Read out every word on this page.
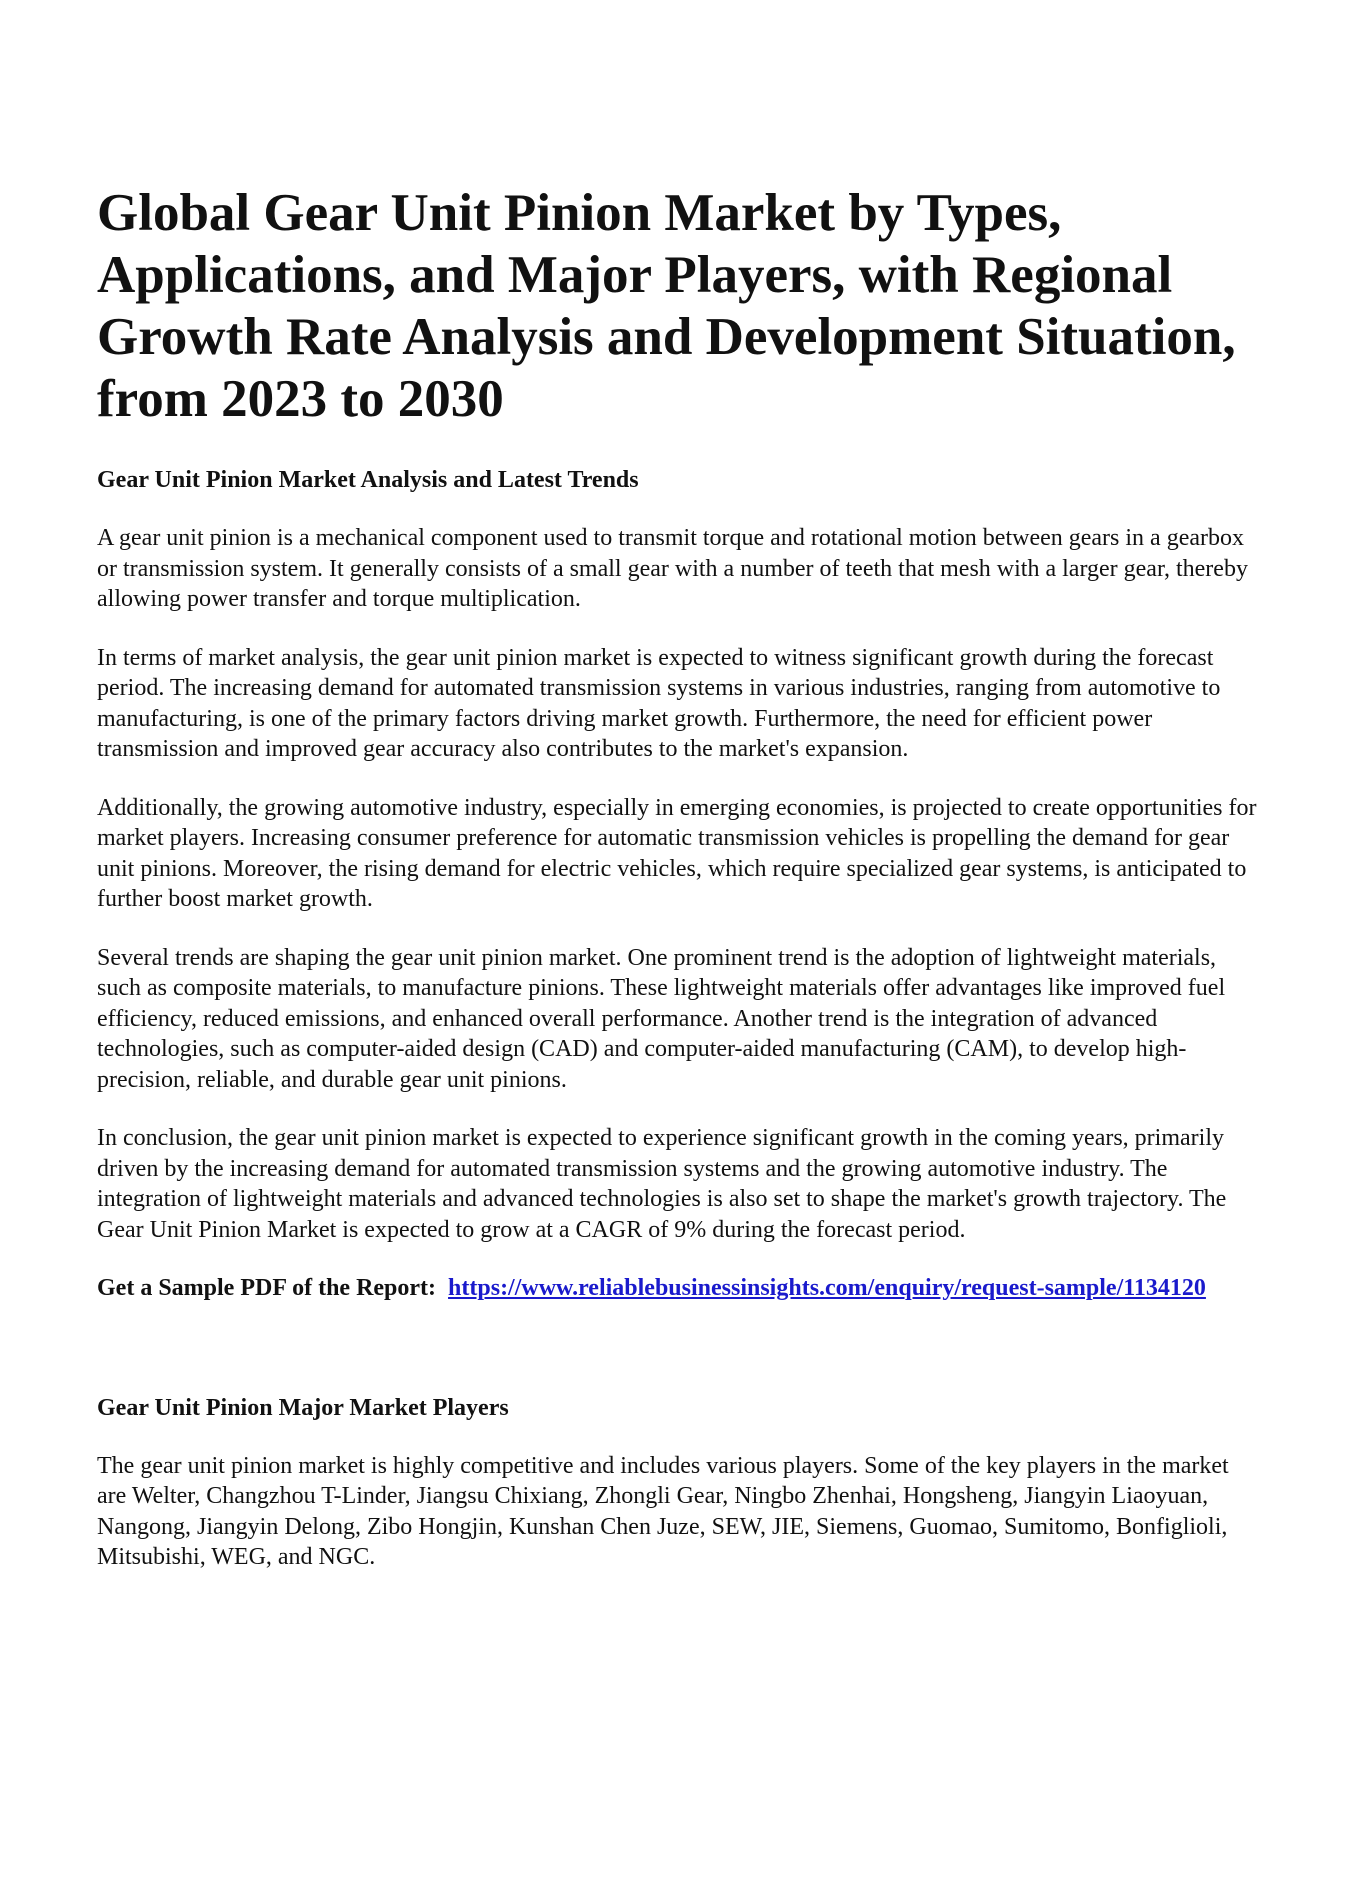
Global Gear Unit Pinion Market by Types, Applications, and Major Players, with Regional Growth Rate Analysis and Development Situation, from 2023 to 2030
Gear Unit Pinion Market Analysis and Latest Trends

A gear unit pinion is a mechanical component used to transmit torque and rotational motion between gears in a gearbox or transmission system. It generally consists of a small gear with a number of teeth that mesh with a larger gear, thereby allowing power transfer and torque multiplication.

In terms of market analysis, the gear unit pinion market is expected to witness significant growth during the forecast period. The increasing demand for automated transmission systems in various industries, ranging from automotive to manufacturing, is one of the primary factors driving market growth. Furthermore, the need for efficient power transmission and improved gear accuracy also contributes to the market's expansion.

Additionally, the growing automotive industry, especially in emerging economies, is projected to create opportunities for market players. Increasing consumer preference for automatic transmission vehicles is propelling the demand for gear unit pinions. Moreover, the rising demand for electric vehicles, which require specialized gear systems, is anticipated to further boost market growth.

Several trends are shaping the gear unit pinion market. One prominent trend is the adoption of lightweight materials, such as composite materials, to manufacture pinions. These lightweight materials offer advantages like improved fuel efficiency, reduced emissions, and enhanced overall performance. Another trend is the integration of advanced technologies, such as computer-aided design (CAD) and computer-aided manufacturing (CAM), to develop high-precision, reliable, and durable gear unit pinions.

In conclusion, the gear unit pinion market is expected to experience significant growth in the coming years, primarily driven by the increasing demand for automated transmission systems and the growing automotive industry. The integration of lightweight materials and advanced technologies is also set to shape the market's growth trajectory. The Gear Unit Pinion Market is expected to grow at a CAGR of 9% during the forecast period.

Get a Sample PDF of the Report: https://www.reliablebusinessinsights.com/enquiry/request-sample/1134120
Gear Unit Pinion Major Market Players

The gear unit pinion market is highly competitive and includes various players. Some of the key players in the market are Welter, Changzhou T-Linder, Jiangsu Chixiang, Zhongli Gear, Ningbo Zhenhai, Hongsheng, Jiangyin Liaoyuan, Nangong, Jiangyin Delong, Zibo Hongjin, Kunshan Chen Juze, SEW, JIE, Siemens, Guomao, Sumitomo, Bonfiglioli, Mitsubishi, WEG, and NGC.
